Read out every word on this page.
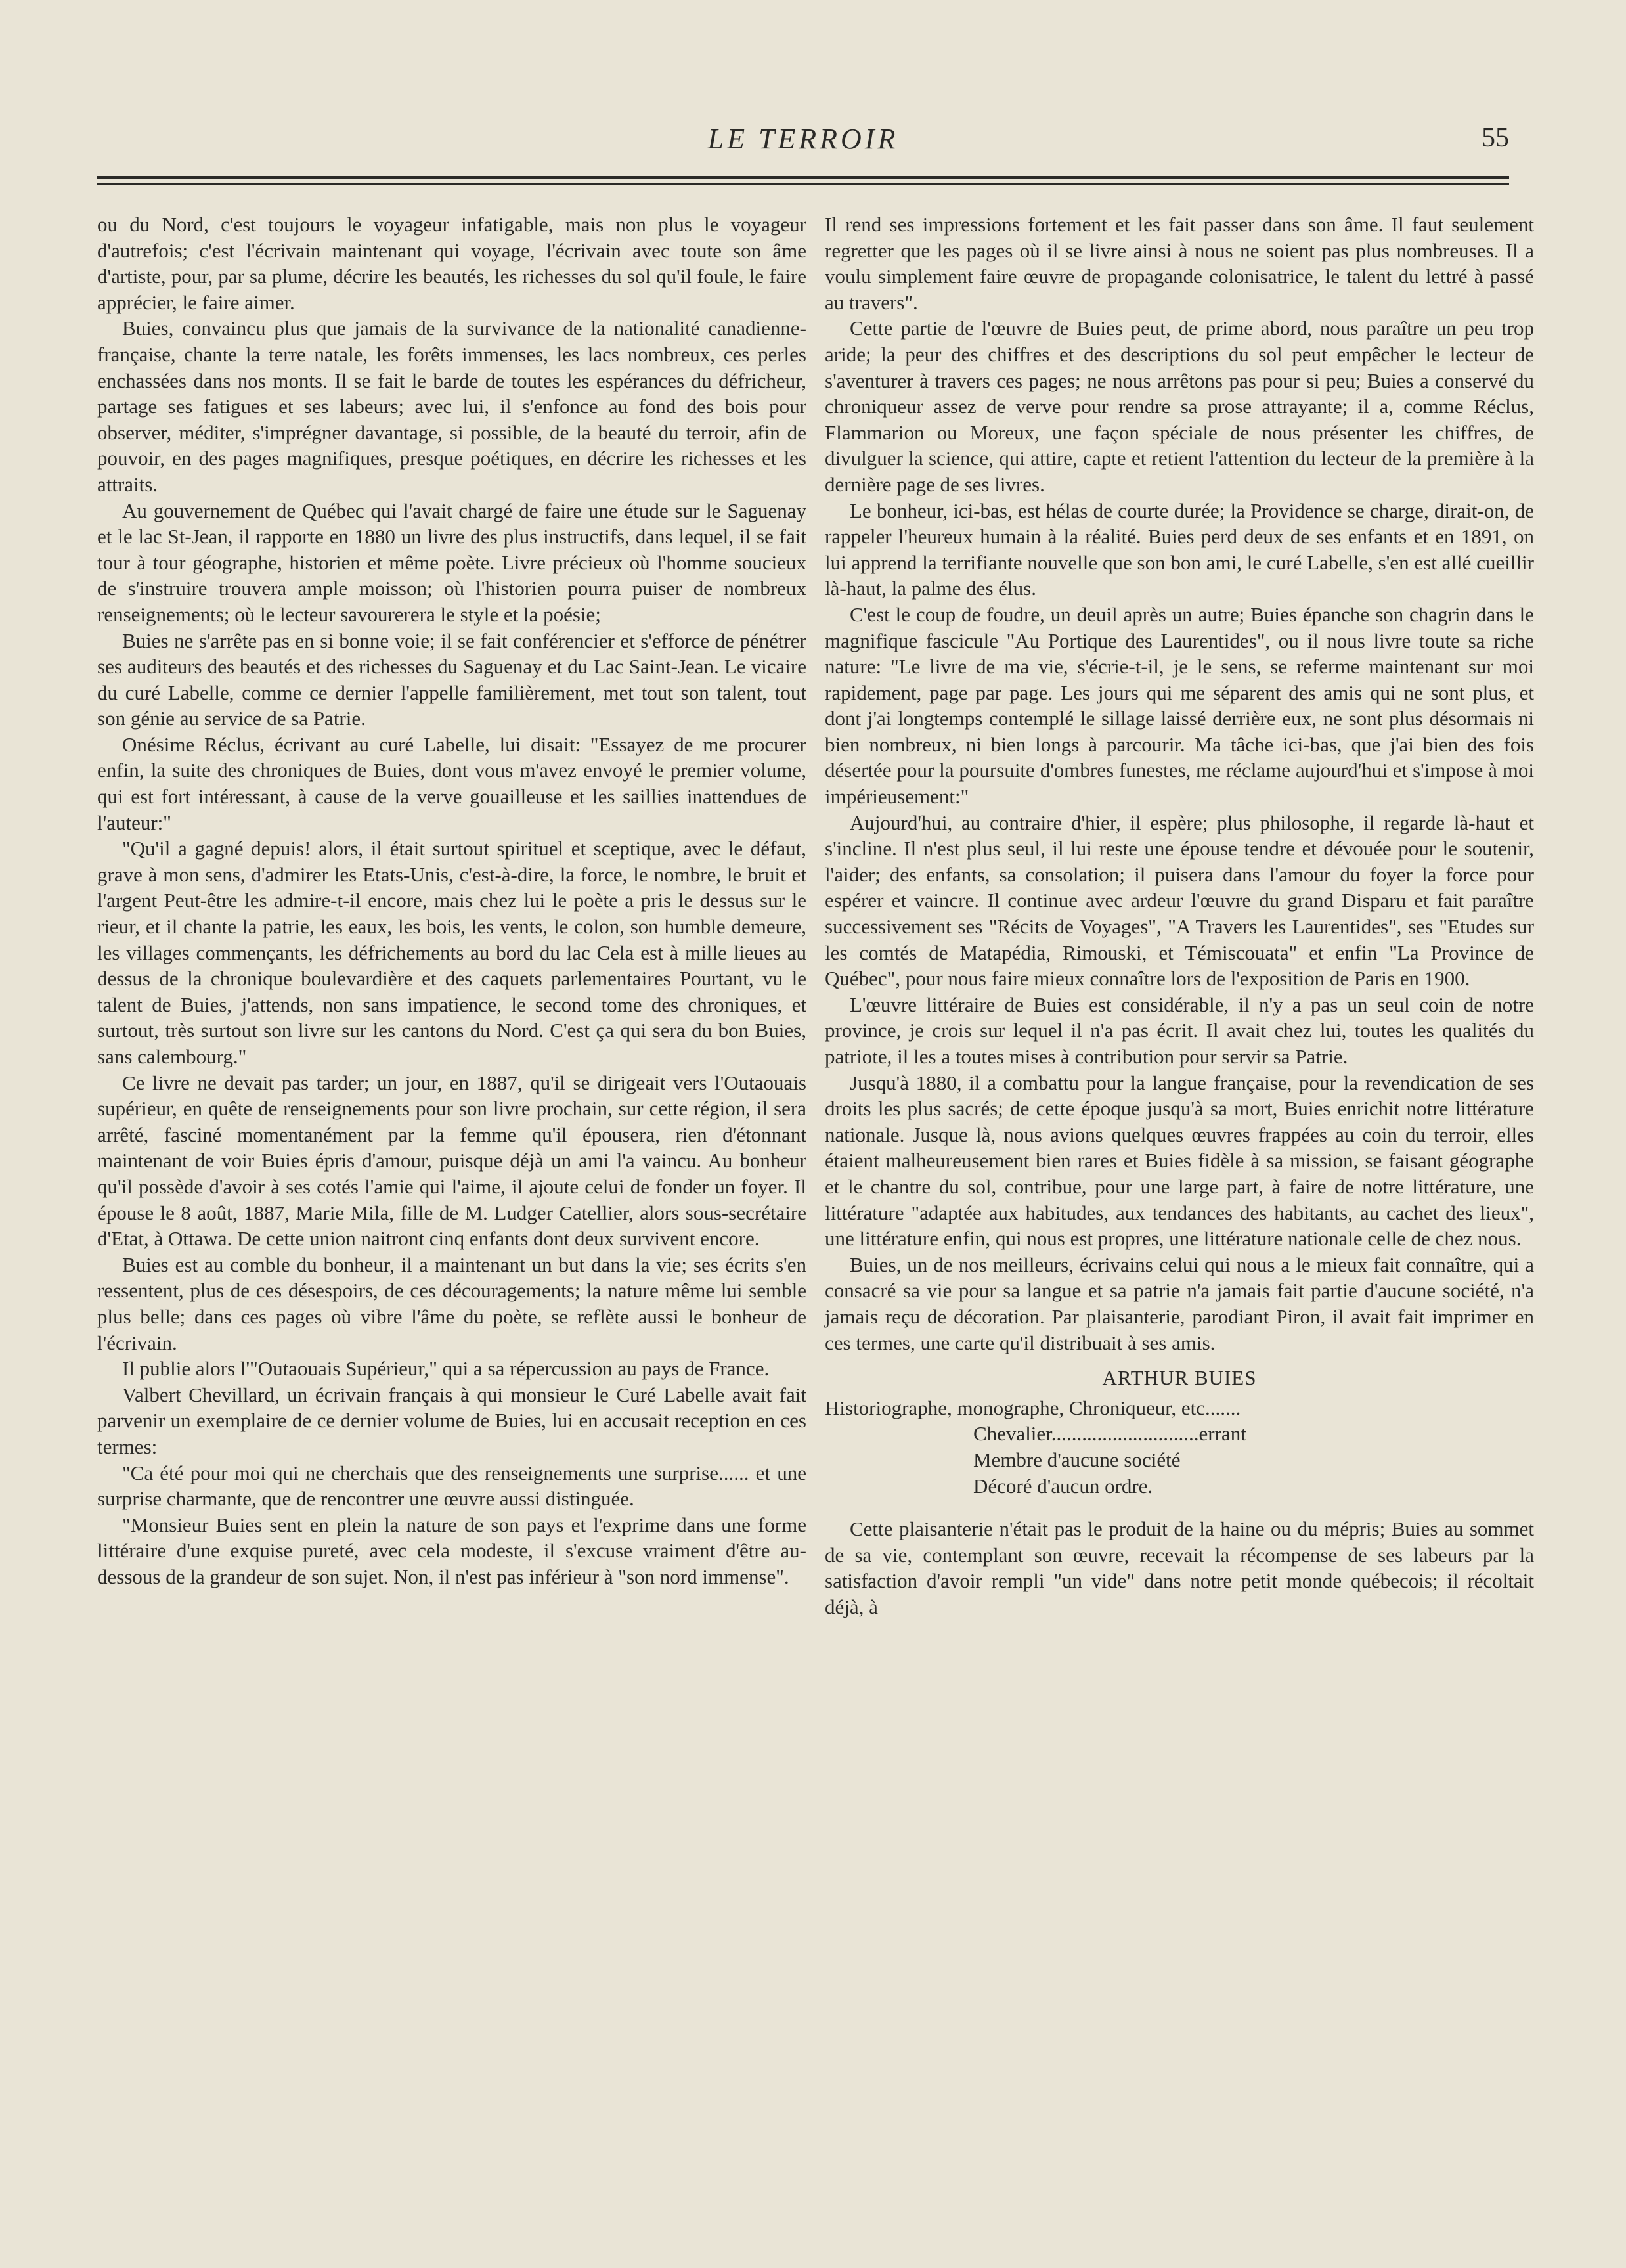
LE TERROIR	55

ou du Nord, c'est toujours le voyageur infatigable, mais non plus le voyageur d'autrefois; c'est l'écrivain maintenant qui voyage, l'écrivain avec toute son âme d'artiste, pour, par sa plume, décrire les beautés, les richesses du sol qu'il foule, le faire apprécier, le faire aimer.

Buies, convaincu plus que jamais de la survivance de la nationalité canadienne-française, chante la terre natale, les forêts immenses, les lacs nombreux, ces perles enchassées dans nos monts. Il se fait le barde de toutes les espérances du défricheur, partage ses fatigues et ses labeurs; avec lui, il s'enfonce au fond des bois pour observer, méditer, s'imprégner davantage, si possible, de la beauté du terroir, afin de pouvoir, en des pages magnifiques, presque poétiques, en décrire les richesses et les attraits.

Au gouvernement de Québec qui l'avait chargé de faire une étude sur le Saguenay et le lac St-Jean, il rapporte en 1880 un livre des plus instructifs, dans lequel, il se fait tour à tour géographe, historien et même poète. Livre précieux où l'homme soucieux de s'instruire trouvera ample moisson; où l'historien pourra puiser de nombreux renseignements; où le lecteur savourerera le style et la poésie;

Buies ne s'arrête pas en si bonne voie; il se fait conférencier et s'efforce de pénétrer ses auditeurs des beautés et des richesses du Saguenay et du Lac Saint-Jean. Le vicaire du curé Labelle, comme ce dernier l'appelle familièrement, met tout son talent, tout son génie au service de sa Patrie.

Onésime Réclus, écrivant au curé Labelle, lui disait: "Essayez de me procurer enfin, la suite des chroniques de Buies, dont vous m'avez envoyé le premier volume, qui est fort intéressant, à cause de la verve gouailleuse et les saillies inattendues de l'auteur:"

"Qu'il a gagné depuis! alors, il était surtout spirituel et sceptique, avec le défaut, grave à mon sens, d'admirer les Etats-Unis, c'est-à-dire, la force, le nombre, le bruit et l'argent Peut-être les admire-t-il encore, mais chez lui le poète a pris le dessus sur le rieur, et il chante la patrie, les eaux, les bois, les vents, le colon, son humble demeure, les villages commençants, les défrichements au bord du lac Cela est à mille lieues au dessus de la chronique boulevardière et des caquets parlementaires Pourtant, vu le talent de Buies, j'attends, non sans impatience, le second tome des chroniques, et surtout, très surtout son livre sur les cantons du Nord. C'est ça qui sera du bon Buies, sans calembourg."

Ce livre ne devait pas tarder; un jour, en 1887, qu'il se dirigeait vers l'Outaouais supérieur, en quête de renseignements pour son livre prochain, sur cette région, il sera arrêté, fasciné momentanément par la femme qu'il épousera, rien d'étonnant maintenant de voir Buies épris d'amour, puisque déjà un ami l'a vaincu. Au bonheur qu'il possède d'avoir à ses cotés l'amie qui l'aime, il ajoute celui de fonder un foyer. Il épouse le 8 août, 1887, Marie Mila, fille de M. Ludger Catellier, alors sous-secrétaire d'Etat, à Ottawa. De cette union naitront cinq enfants dont deux survivent encore.

Buies est au comble du bonheur, il a maintenant un but dans la vie; ses écrits s'en ressentent, plus de ces désespoirs, de ces découragements; la nature même lui semble plus belle; dans ces pages où vibre l'âme du poète, se reflète aussi le bonheur de l'écrivain.

Il publie alors l'"Outaouais Supérieur," qui a sa répercussion au pays de France.

Valbert Chevillard, un écrivain français à qui monsieur le Curé Labelle avait fait parvenir un exemplaire de ce dernier volume de Buies, lui en accusait reception en ces termes:

"Ca été pour moi qui ne cherchais que des renseignements une surprise...... et une surprise charmante, que de rencontrer une œuvre aussi distinguée.

"Monsieur Buies sent en plein la nature de son pays et l'exprime dans une forme littéraire d'une exquise pureté, avec cela modeste, il s'excuse vraiment d'être au-dessous de la grandeur de son sujet. Non, il n'est pas inférieur à "son nord immense".

Il rend ses impressions fortement et les fait passer dans son âme. Il faut seulement regretter que les pages où il se livre ainsi à nous ne soient pas plus nombreuses. Il a voulu simplement faire œuvre de propagande colonisatrice, le talent du lettré à passé au travers".

Cette partie de l'œuvre de Buies peut, de prime abord, nous paraître un peu trop aride; la peur des chiffres et des descriptions du sol peut empêcher le lecteur de s'aventurer à travers ces pages; ne nous arrêtons pas pour si peu; Buies a conservé du chroniqueur assez de verve pour rendre sa prose attrayante; il a, comme Réclus, Flammarion ou Moreux, une façon spéciale de nous présenter les chiffres, de divulguer la science, qui attire, capte et retient l'attention du lecteur de la première à la dernière page de ses livres.

Le bonheur, ici-bas, est hélas de courte durée; la Providence se charge, dirait-on, de rappeler l'heureux humain à la réalité. Buies perd deux de ses enfants et en 1891, on lui apprend la terrifiante nouvelle que son bon ami, le curé Labelle, s'en est allé cueillir là-haut, la palme des élus.

C'est le coup de foudre, un deuil après un autre; Buies épanche son chagrin dans le magnifique fascicule "Au Portique des Laurentides", ou il nous livre toute sa riche nature: "Le livre de ma vie, s'écrie-t-il, je le sens, se referme maintenant sur moi rapidement, page par page. Les jours qui me séparent des amis qui ne sont plus, et dont j'ai longtemps contemplé le sillage laissé derrière eux, ne sont plus désormais ni bien nombreux, ni bien longs à parcourir. Ma tâche ici-bas, que j'ai bien des fois désertée pour la poursuite d'ombres funestes, me réclame aujourd'hui et s'impose à moi impérieusement:"

Aujourd'hui, au contraire d'hier, il espère; plus philosophe, il regarde là-haut et s'incline. Il n'est plus seul, il lui reste une épouse tendre et dévouée pour le soutenir, l'aider; des enfants, sa consolation; il puisera dans l'amour du foyer la force pour espérer et vaincre. Il continue avec ardeur l'œuvre du grand Disparu et fait paraître successivement ses "Récits de Voyages", "A Travers les Laurentides", ses "Etudes sur les comtés de Matapédia, Rimouski, et Témiscouata" et enfin "La Province de Québec", pour nous faire mieux connaître lors de l'exposition de Paris en 1900.

L'œuvre littéraire de Buies est considérable, il n'y a pas un seul coin de notre province, je crois sur lequel il n'a pas écrit. Il avait chez lui, toutes les qualités du patriote, il les a toutes mises à contribution pour servir sa Patrie.

Jusqu'à 1880, il a combattu pour la langue française, pour la revendication de ses droits les plus sacrés; de cette époque jusqu'à sa mort, Buies enrichit notre littérature nationale. Jusque là, nous avions quelques œuvres frappées au coin du terroir, elles étaient malheureusement bien rares et Buies fidèle à sa mission, se faisant géographe et le chantre du sol, contribue, pour une large part, à faire de notre littérature, une littérature "adaptée aux habitudes, aux tendances des habitants, au cachet des lieux", une littérature enfin, qui nous est propres, une littérature nationale celle de chez nous.

Buies, un de nos meilleurs, écrivains celui qui nous a le mieux fait connaître, qui a consacré sa vie pour sa langue et sa patrie n'a jamais fait partie d'aucune société, n'a jamais reçu de décoration. Par plaisanterie, parodiant Piron, il avait fait imprimer en ces termes, une carte qu'il distribuait à ses amis.

ARTHUR BUIES

Historiographe, monographe, Chroniqueur, etc.......

Chevalier.............................errant

Membre d'aucune société

Décoré d'aucun ordre.

Cette plaisanterie n'était pas le produit de la haine ou du mépris; Buies au sommet de sa vie, contemplant son œuvre, recevait la récompense de ses labeurs par la satisfaction d'avoir rempli "un vide" dans notre petit monde québecois; il récoltait déjà, à
